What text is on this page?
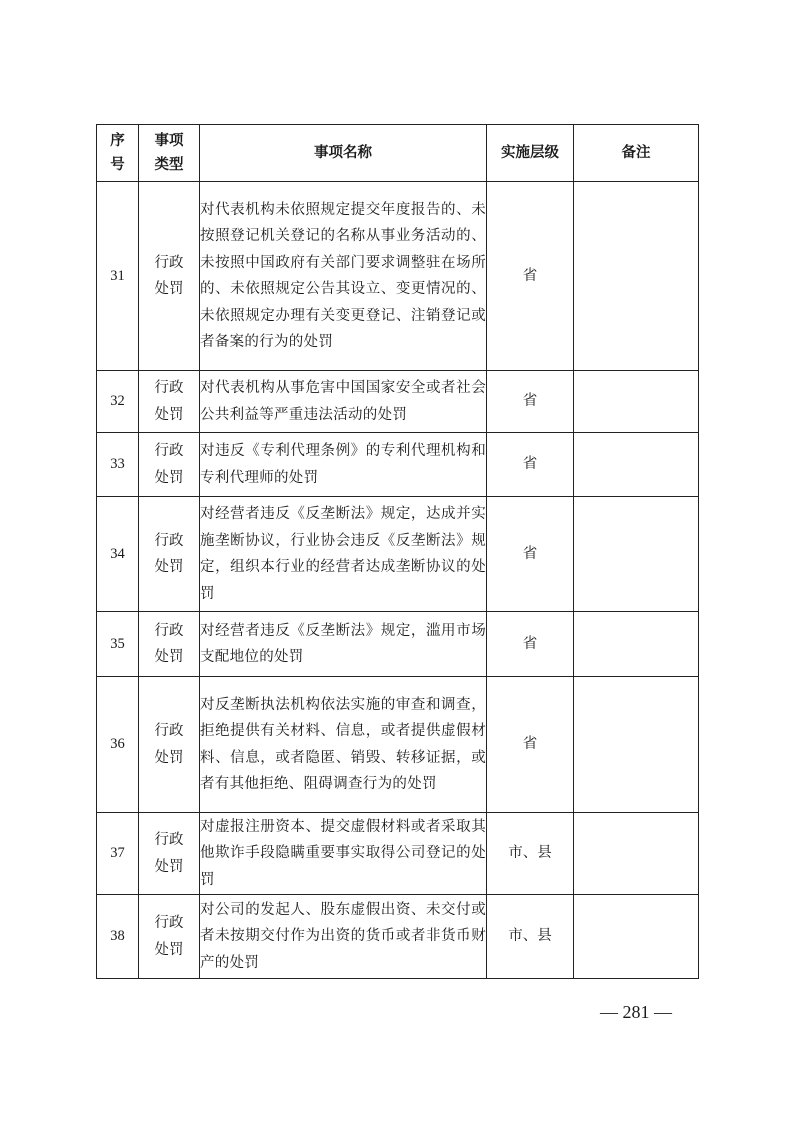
序号	事项类型	事项名称	实施层级	备注
31	行政处罚	对代表机构未依照规定提交年度报告的、未按照登记机关登记的名称从事业务活动的、未按照中国政府有关部门要求调整驻在场所的、未依照规定公告其设立、变更情况的、未依照规定办理有关变更登记、注销登记或者备案的行为的处罚	省	
32	行政处罚	对代表机构从事危害中国国家安全或者社会公共利益等严重违法活动的处罚	省	
33	行政处罚	对违反《专利代理条例》的专利代理机构和专利代理师的处罚	省	
34	行政处罚	对经营者违反《反垄断法》规定，达成并实施垄断协议，行业协会违反《反垄断法》规定，组织本行业的经营者达成垄断协议的处罚	省	
35	行政处罚	对经营者违反《反垄断法》规定，滥用市场支配地位的处罚	省	
36	行政处罚	对反垄断执法机构依法实施的审查和调查，拒绝提供有关材料、信息，或者提供虚假材料、信息，或者隐匿、销毁、转移证据，或者有其他拒绝、阻碍调查行为的处罚	省	
37	行政处罚	对虚报注册资本、提交虚假材料或者采取其他欺诈手段隐瞒重要事实取得公司登记的处罚	市、县	
38	行政处罚	对公司的发起人、股东虚假出资、未交付或者未按期交付作为出资的货币或者非货币财产的处罚	市、县	
— 281 —
